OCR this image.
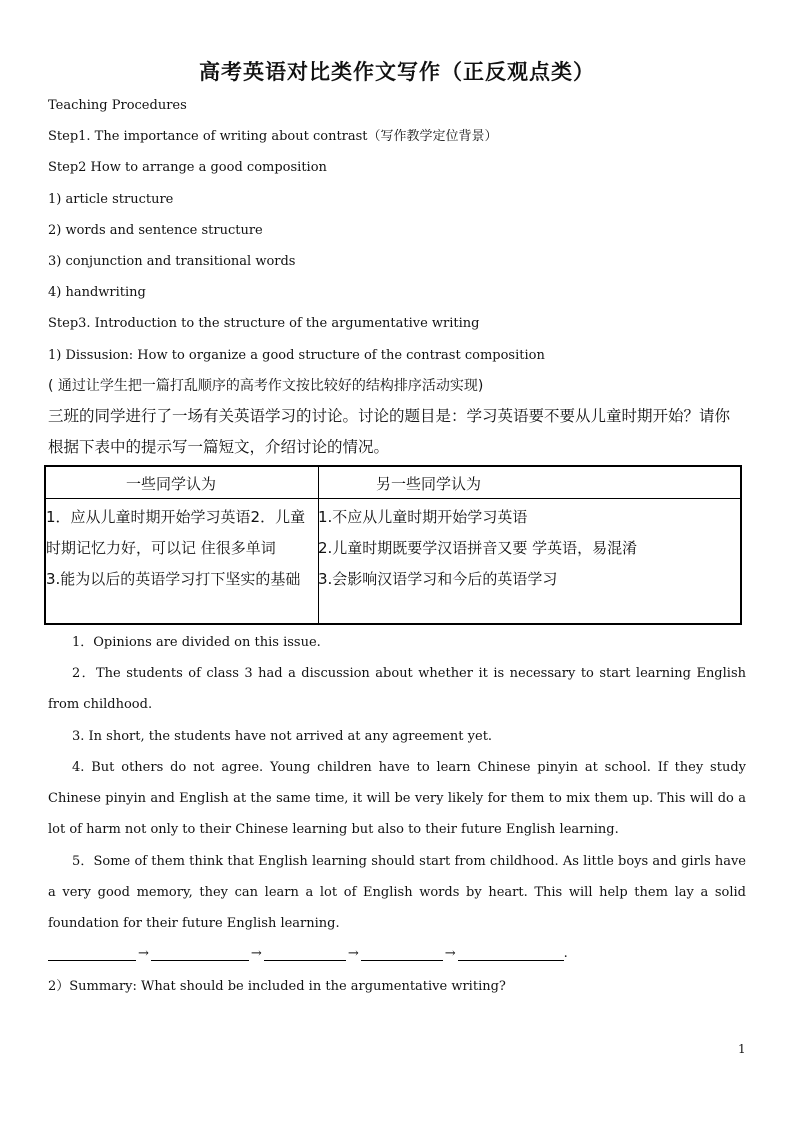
高考英语对比类作文写作（正反观点类）
Teaching Procedures
Step1. The importance of writing about contrast（写作教学定位背景）
Step2 How to arrange a good composition
1) article structure
2) words and sentence structure
3) conjunction and transitional words
4) handwriting
Step3. Introduction to the structure of the argumentative writing
1) Dissusion: How to organize a good structure of the contrast composition
( 通过让学生把一篇打乱顺序的高考作文按比较好的结构排序活动实现)
三班的同学进行了一场有关英语学习的讨论。讨论的题目是：学习英语要不要从儿童时期开始？请你
根据下表中的提示写一篇短文，介绍讨论的情况。
一些同学认为	另一些同学认为
1．应从儿童时期开始学习英语2．儿童
时期记忆力好，可以记 住很多单词
3.能为以后的英语学习打下坚实的基础
1.不应从儿童时期开始学习英语
2.儿童时期既要学汉语拼音又要 学英语，易混淆
3.会影响汉语学习和今后的英语学习
1．Opinions are divided on this issue.
2．The students of class 3 had a discussion about whether it is necessary to start learning English from childhood.
3. In short, the students have not arrived at any agreement yet.
4. But others do not agree. Young children have to learn Chinese pinyin at school. If they study Chinese pinyin and English at the same time, it will be very likely for them to mix them up. This will do a lot of harm not only to their Chinese learning but also to their future English learning.
5．Some of them think that English learning should start from childhood. As little boys and girls have a very good memory, they can learn a lot of English words by heart. This will help them lay a solid foundation for their future English learning.
→	→	→	→	.
2）Summary: What should be included in the argumentative writing?
1
